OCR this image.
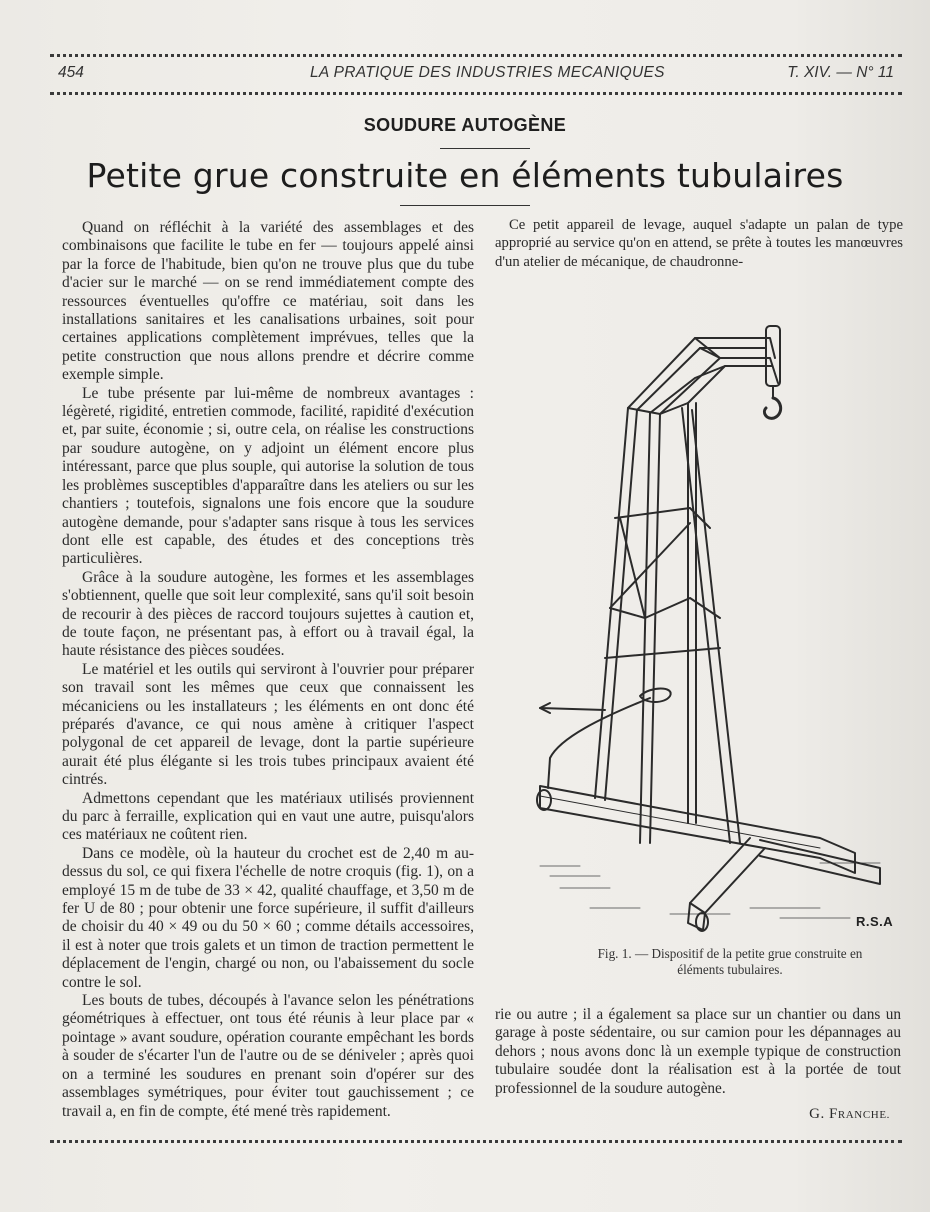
454	LA PRATIQUE DES INDUSTRIES MECANIQUES	T. XIV. — N° 11
SOUDURE AUTOGÈNE
Petite grue construite en éléments tubulaires

Quand on réfléchit à la variété des assemblages et des combinaisons que facilite le tube en fer — toujours appelé ainsi par la force de l'habitude, bien qu'on ne trouve plus que du tube d'acier sur le marché — on se rend immédiatement compte des ressources éventuelles qu'offre ce matériau, soit dans les installations sanitaires et les canalisations urbaines, soit pour certaines applications complètement imprévues, telles que la petite construction que nous allons prendre et décrire comme exemple simple.

Le tube présente par lui-même de nombreux avantages : légèreté, rigidité, entretien commode, facilité, rapidité d'exécution et, par suite, économie ; si, outre cela, on réalise les constructions par soudure autogène, on y adjoint un élément encore plus intéressant, parce que plus souple, qui autorise la solution de tous les problèmes susceptibles d'apparaître dans les ateliers ou sur les chantiers ; toutefois, signalons une fois encore que la soudure autogène demande, pour s'adapter sans risque à tous les services dont elle est capable, des études et des conceptions très particulières.

Grâce à la soudure autogène, les formes et les assemblages s'obtiennent, quelle que soit leur complexité, sans qu'il soit besoin de recourir à des pièces de raccord toujours sujettes à caution et, de toute façon, ne présentant pas, à effort ou à travail égal, la haute résistance des pièces soudées.

Le matériel et les outils qui serviront à l'ouvrier pour préparer son travail sont les mêmes que ceux que connaissent les mécaniciens ou les installateurs ; les éléments en ont donc été préparés d'avance, ce qui nous amène à critiquer l'aspect polygonal de cet appareil de levage, dont la partie supérieure aurait été plus élégante si les trois tubes principaux avaient été cintrés.

Admettons cependant que les matériaux utilisés proviennent du parc à ferraille, explication qui en vaut une autre, puisqu'alors ces matériaux ne coûtent rien.

Dans ce modèle, où la hauteur du crochet est de 2,40 m au-dessus du sol, ce qui fixera l'échelle de notre croquis (fig. 1), on a employé 15 m de tube de 33 × 42, qualité chauffage, et 3,50 m de fer U de 80 ; pour obtenir une force supérieure, il suffit d'ailleurs de choisir du 40 × 49 ou du 50 × 60 ; comme détails accessoires, il est à noter que trois galets et un timon de traction permettent le déplacement de l'engin, chargé ou non, ou l'abaissement du socle contre le sol.

Les bouts de tubes, découpés à l'avance selon les pénétrations géométriques à effectuer, ont tous été réunis à leur place par « pointage » avant soudure, opération courante empêchant les bords à souder de s'écarter l'un de l'autre ou de se déniveler ; après quoi on a terminé les soudures en prenant soin d'opérer sur des assemblages symétriques, pour éviter tout gauchissement ; ce travail a, en fin de compte, été mené très rapidement.

Ce petit appareil de levage, auquel s'adapte un palan de type approprié au service qu'on en attend, se prête à toutes les manœuvres d'un atelier de mécanique, de chaudronne-

R.S.A
Fig. 1. — Dispositif de la petite grue construite en
éléments tubulaires.

rie ou autre ; il a également sa place sur un chantier ou dans un garage à poste sédentaire, ou sur camion pour les dépannages au dehors ; nous avons donc là un exemple typique de construction tubulaire soudée dont la réalisation est à la portée de tout professionnel de la soudure autogène.

G. FRANCHE.
